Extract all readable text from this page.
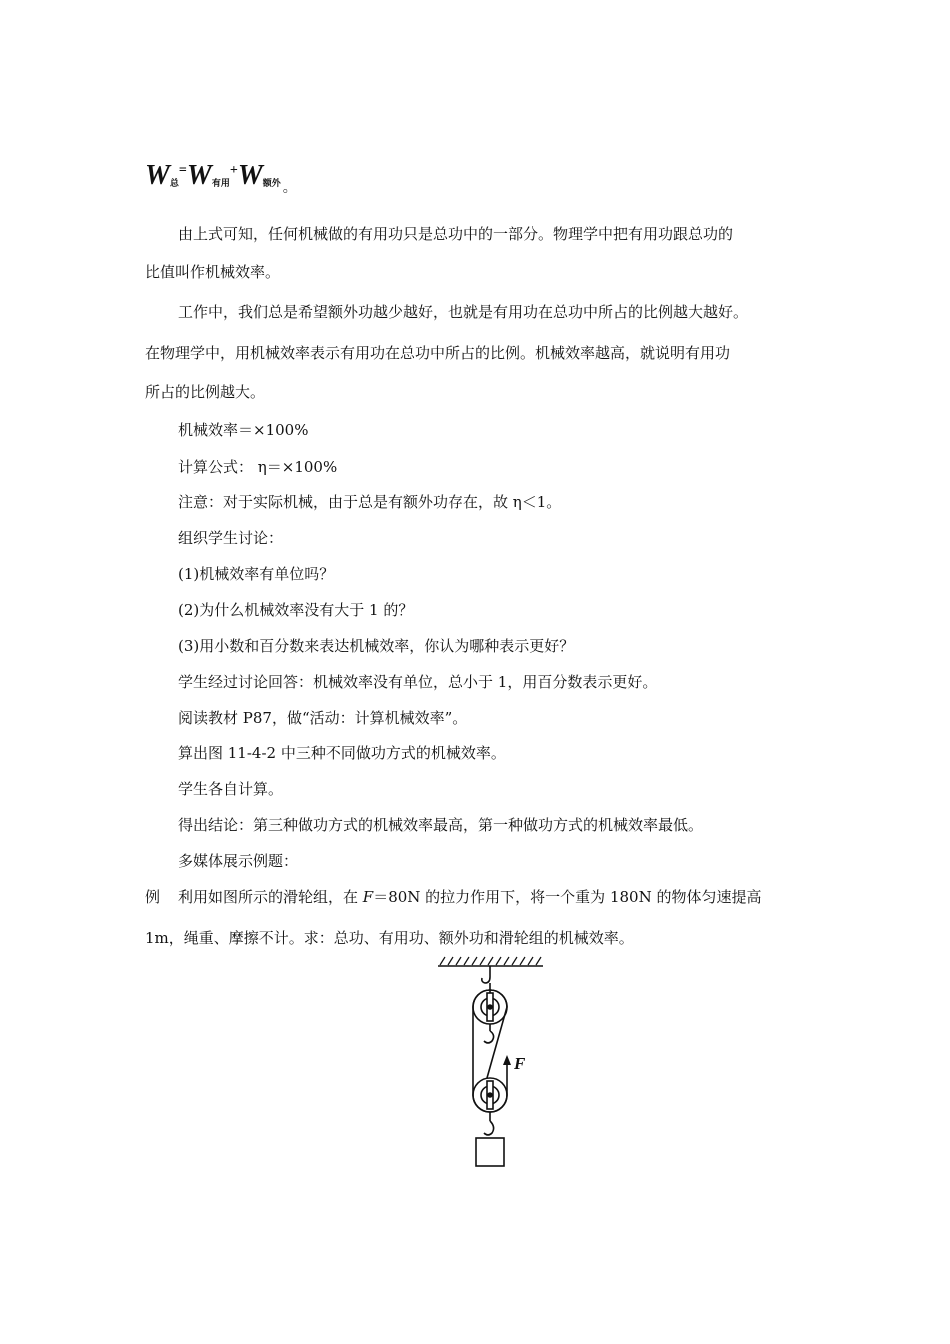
$W_总=W_{有用}+W_{额外}$ 。
由上式可知，任何机械做的有用功只是总功中的一部分。物理学中把有用功跟总功的
比值叫作机械效率。
工作中，我们总是希望额外功越少越好，也就是有用功在总功中所占的比例越大越好。
在物理学中，用机械效率表示有用功在总功中所占的比例。机械效率越高，就说明有用功
所占的比例越大。
机械效率＝×100%
计算公式： η＝×100%
注意：对于实际机械，由于总是有额外功存在，故 η＜1。
组织学生讨论：
(1)机械效率有单位吗？
(2)为什么机械效率没有大于 1 的？
(3)用小数和百分数来表达机械效率，你认为哪种表示更好？
学生经过讨论回答：机械效率没有单位，总小于 1，用百分数表示更好。
阅读教材 P87，做“活动：计算机械效率”。
算出图 11-4-2 中三种不同做功方式的机械效率。
学生各自计算。
得出结论：第三种做功方式的机械效率最高，第一种做功方式的机械效率最低。
多媒体展示例题：
例 利用如图所示的滑轮组，在 F＝80N 的拉力作用下，将一个重为 180N 的物体匀速提高
1m，绳重、摩擦不计。求：总功、有用功、额外功和滑轮组的机械效率。
F
